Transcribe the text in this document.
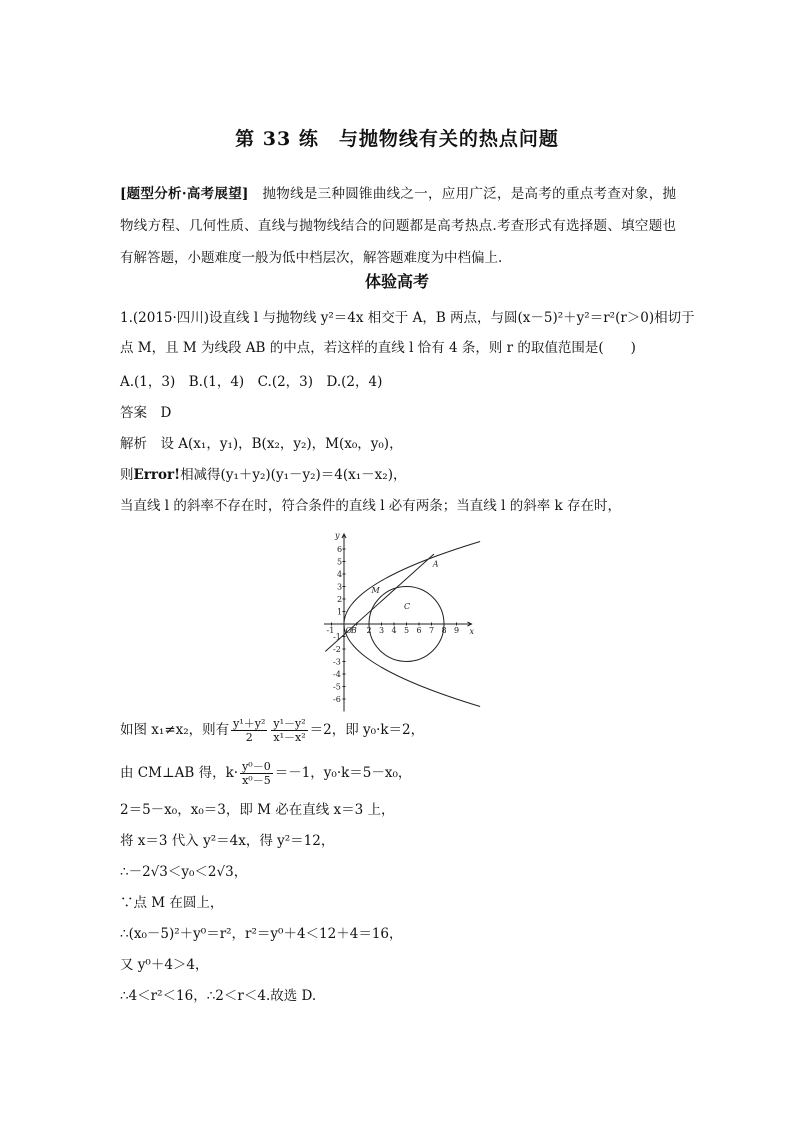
第 33 练　与抛物线有关的热点问题
[题型分析·高考展望]　抛物线是三种圆锥曲线之一，应用广泛，是高考的重点考查对象，抛物线方程、几何性质、直线与抛物线结合的问题都是高考热点.考查形式有选择题、填空题也有解答题，小题难度一般为低中档层次，解答题难度为中档偏上.
体验高考
1.(2015·四川)设直线 l 与抛物线 y²＝4x 相交于 A，B 两点，与圆(x－5)²＋y²＝r²(r＞0)相切于
点 M，且 M 为线段 AB 的中点，若这样的直线 l 恰有 4 条，则 r 的取值范围是(　　)
A.(1，3)　B.(1，4)　C.(2，3)　D.(2，4)
答案　D
解析　设 A(x₁，y₁)，B(x₂，y₂)，M(x₀，y₀)，
则Error!相减得(y₁＋y₂)(y₁－y₂)＝4(x₁－x₂)，
当直线 l 的斜率不存在时，符合条件的直线 l 必有两条；当直线 l 的斜率 k 存在时，
x
y
-1	2 3 4 5 6 7 8 9
6
5
4
3
2
1
-1
-2
-3
-4
-5
-6
A
M
C
B
O
如图 x₁≠x₂，则有 $\frac{\text{y¹＋y²}}{2} \frac{\text{y¹－y²}}{\text{x¹－x²}} =2$，即 y₀·k＝2，
由 CM⊥AB 得，$k\cdot \frac{\text{y⁰－0}}{\text{x⁰－5}} =-1$，y₀·k＝5－x₀，
2＝5－x₀，x₀＝3，即 M 必在直线 x＝3 上，
将 x＝3 代入 y²＝4x，得 y²＝12，
∴－2√3＜y₀＜2√3，
∵点 M 在圆上，
∴(x₀－5)²＋y⁰＝r²，r²＝y⁰＋4＜12＋4＝16，
又 y⁰＋4＞4，
∴4＜r²＜16，∴2＜r＜4.故选 D.
